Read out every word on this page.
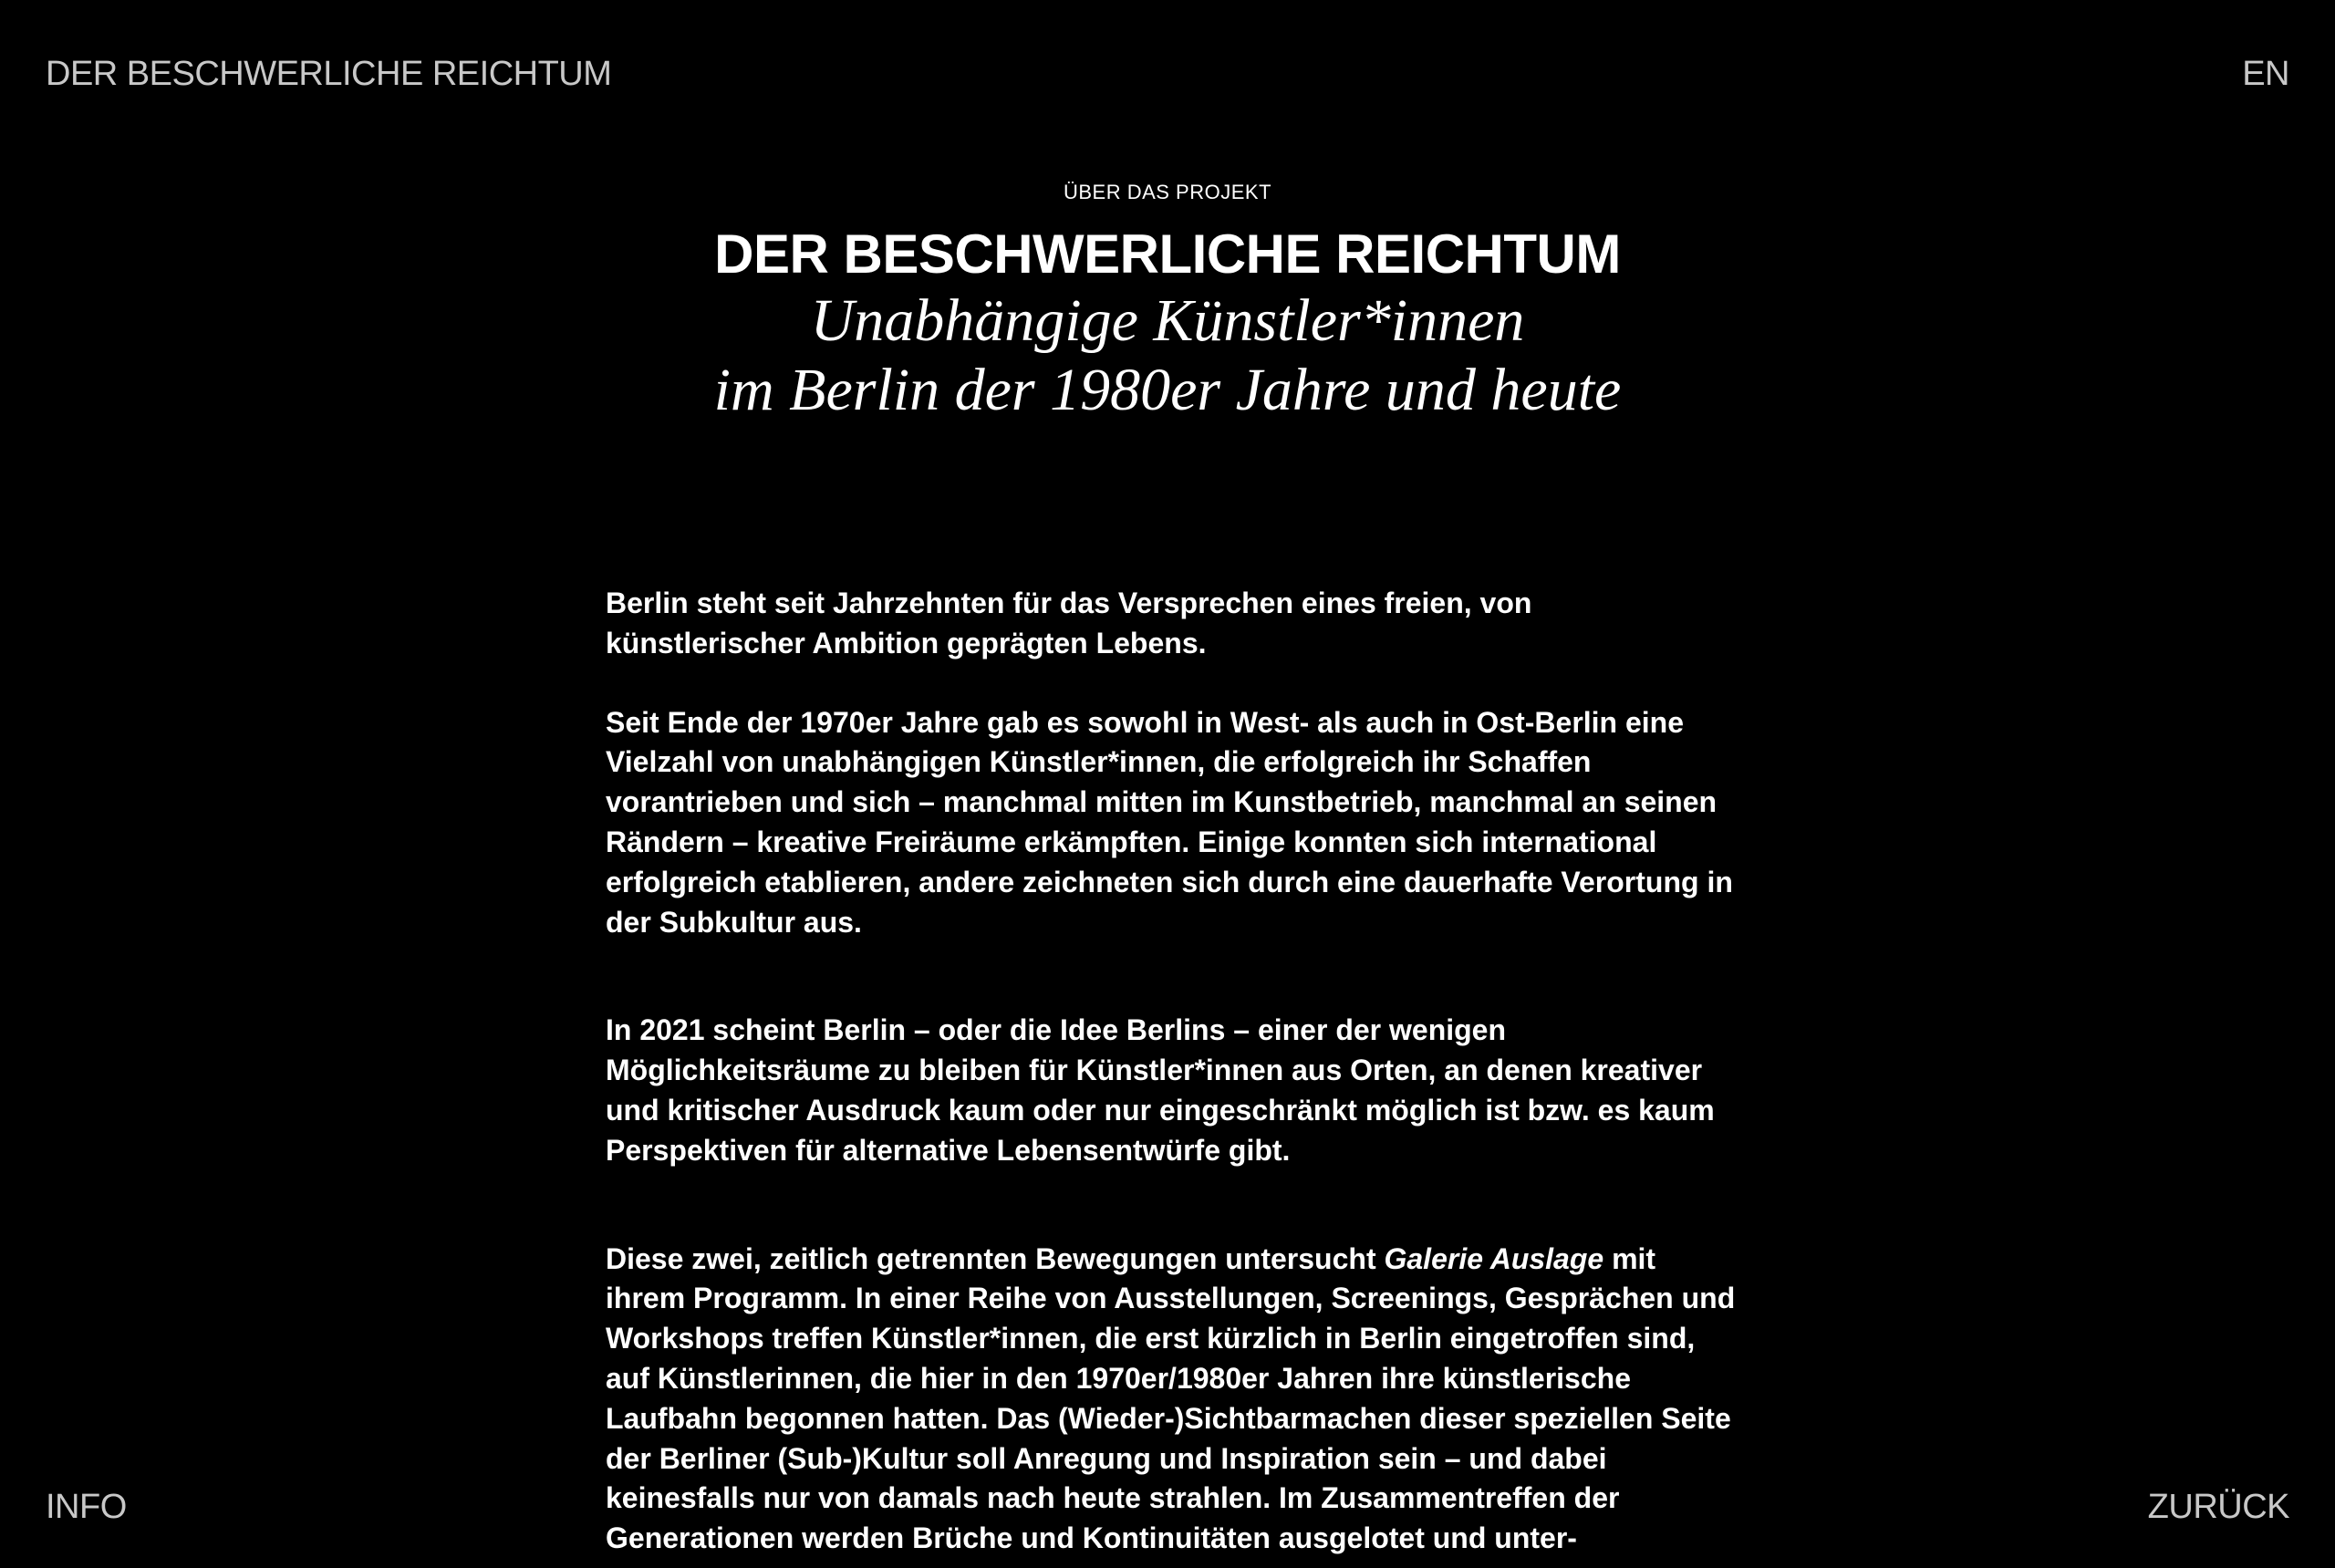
DER BESCHWERLICHE REICHTUM	EN
INFO	ZURÜCK

ÜBER DAS PROJEKT

DER BESCHWERLICHE REICHTUM
Unabhängige Künstler*innen
im Berlin der 1980er Jahre und heute

Berlin steht seit Jahrzehnten für das Versprechen eines freien, von künstlerischer Ambition geprägten Lebens.

Seit Ende der 1970er Jahre gab es sowohl in West- als auch in Ost-Berlin eine Vielzahl von unabhängigen Künstler*innen, die erfolgreich ihr Schaffen vorantrieben und sich – manchmal mitten im Kunstbetrieb, manchmal an seinen Rändern – kreative Freiräume erkämpften. Einige konnten sich international erfolgreich etablieren, andere zeichneten sich durch eine dauerhafte Verortung in der Subkultur aus.

In 2021 scheint Berlin – oder die Idee Berlins – einer der wenigen Möglichkeitsräume zu bleiben für Künstler*innen aus Orten, an denen kreativer und kritischer Ausdruck kaum oder nur eingeschränkt möglich ist bzw. es kaum Perspektiven für alternative Lebensentwürfe gibt.

Diese zwei, zeitlich getrennten Bewegungen untersucht Galerie Auslage mit ihrem Programm. In einer Reihe von Ausstellungen, Screenings, Gesprächen und Workshops treffen Künstler*innen, die erst kürzlich in Berlin eingetroffen sind, auf Künstlerinnen, die hier in den 1970er/1980er Jahren ihre künstlerische Laufbahn begonnen hatten. Das (Wieder-)Sichtbarmachen dieser speziellen Seite der Berliner (Sub-)Kultur soll Anregung und Inspiration sein – und dabei keinesfalls nur von damals nach heute strahlen. Im Zusammentreffen der Generationen werden Brüche und Kontinuitäten ausgelotet und unter-
